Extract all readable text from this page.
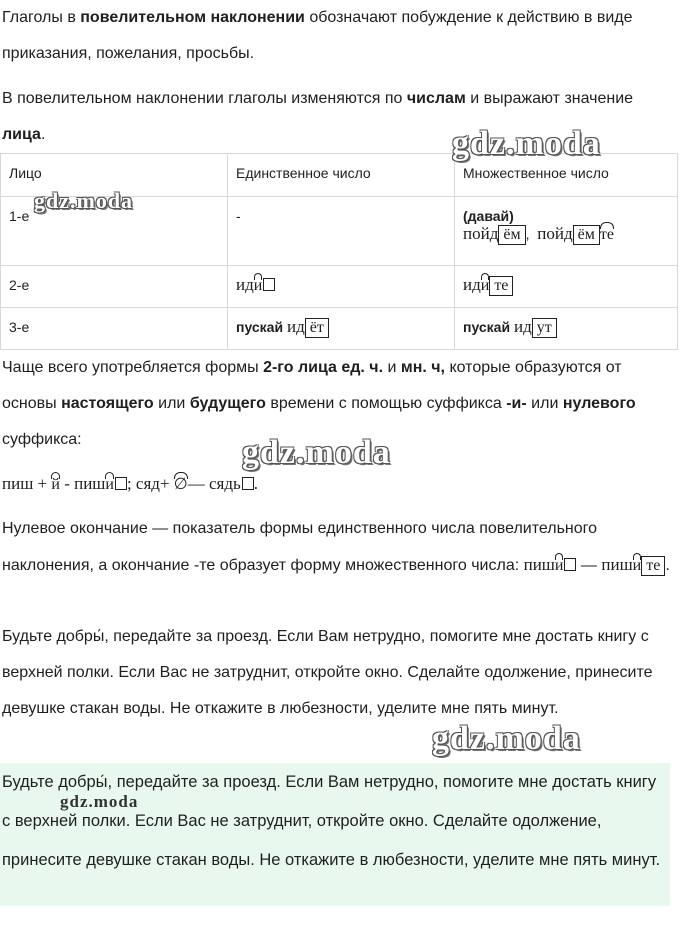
Глаголы в повелительном наклонении обозначают побуждение к действию в виде приказания, пожелания, просьбы.

В повелительном наклонении глаголы изменяются по числам и выражают значение лица.

Лицо	Единственное число	Множественное число
1-е	-	(давай)
пойд ём , пойд ём те
2-е	иди	иди те
3-е	пускай ид ёт	пускай ид ут

Чаще всего употребляется формы 2-го лица ед. ч. и мн. ч, которые образуются от основы настоящего или будущего времени с помощью суффикса -и- или нулевого суффикса:

пиш + й - пиши ; сяд+ ∅— сядь .

Нулевое окончание — показатель формы единственного числа повелительного наклонения, а окончание -те образует форму множественного числа: пиши — пиши те .

Будьте добры́, передайте за проезд. Если Вам нетрудно, помогите мне достать книгу с верхней полки. Если Вас не затруднит, откройте окно. Сделайте одолжение, принесите девушке стакан воды. Не откажите в любезности, уделите мне пять минут.

Будьте добры́, передайте за проезд. Если Вам нетрудно, помогите мне достать книгу с верхней полки. Если Вас не затруднит, откройте окно. Сделайте одолжение, принесите девушке стакан воды. Не откажите в любезности, уделите мне пять минут.

gdz.moda
gdz.moda
gdz.moda
gdz.moda
gdz.moda
